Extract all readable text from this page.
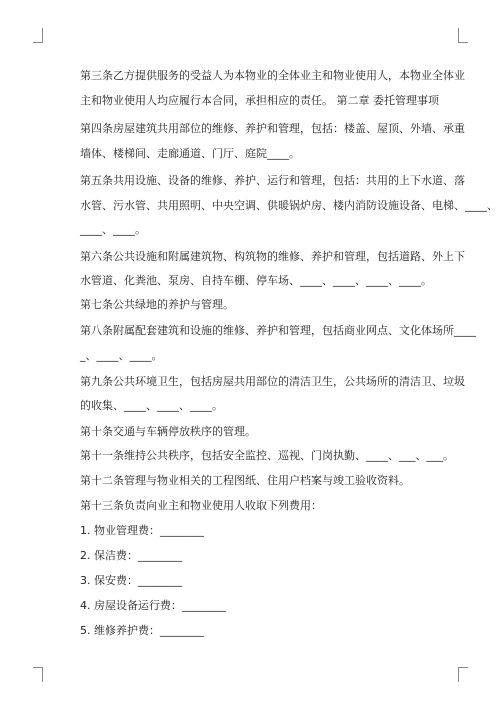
第三条乙方提供服务的受益人为本物业的全体业主和物业使用人，本物业全体业
主和物业使用人均应履行本合同，承担相应的责任。 第二章 委托管理事项
第四条房屋建筑共用部位的维修、养护和管理，包括：楼盖、屋顶、外墙、承重
墙体、楼梯间、走廊通道、门厅、庭院____。
第五条共用设施、设备的维修、养护、运行和管理，包括：共用的上下水道、落
水管、污水管、共用照明、中央空调、供暖锅炉房、楼内消防设施设备、电梯、____、
____、____。
第六条公共设施和附属建筑物、构筑物的维修、养护和管理，包括道路、外上下
水管道、化粪池、泵房、自持车棚、停车场、____、____、____、____。
第七条公共绿地的养护与管理。
第八条附属配套建筑和设施的维修、养护和管理，包括商业网点、文化体场所____
_、____、____。
第九条公共环境卫生，包括房屋共用部位的清洁卫生，公共场所的清洁卫、垃圾
的收集、____、____、____。
第十条交通与车辆停放秩序的管理。
第十一条维持公共秩序，包括安全监控、巡视、门岗执勤、____、___、___。
第十二条管理与物业相关的工程图纸、住用户档案与竣工验收资料。
第十三条负责向业主和物业使用人收取下列费用：
1. 物业管理费：________
2. 保洁费：________
3. 保安费：________
4. 房屋设备运行费：________
5. 维修养护费：________
